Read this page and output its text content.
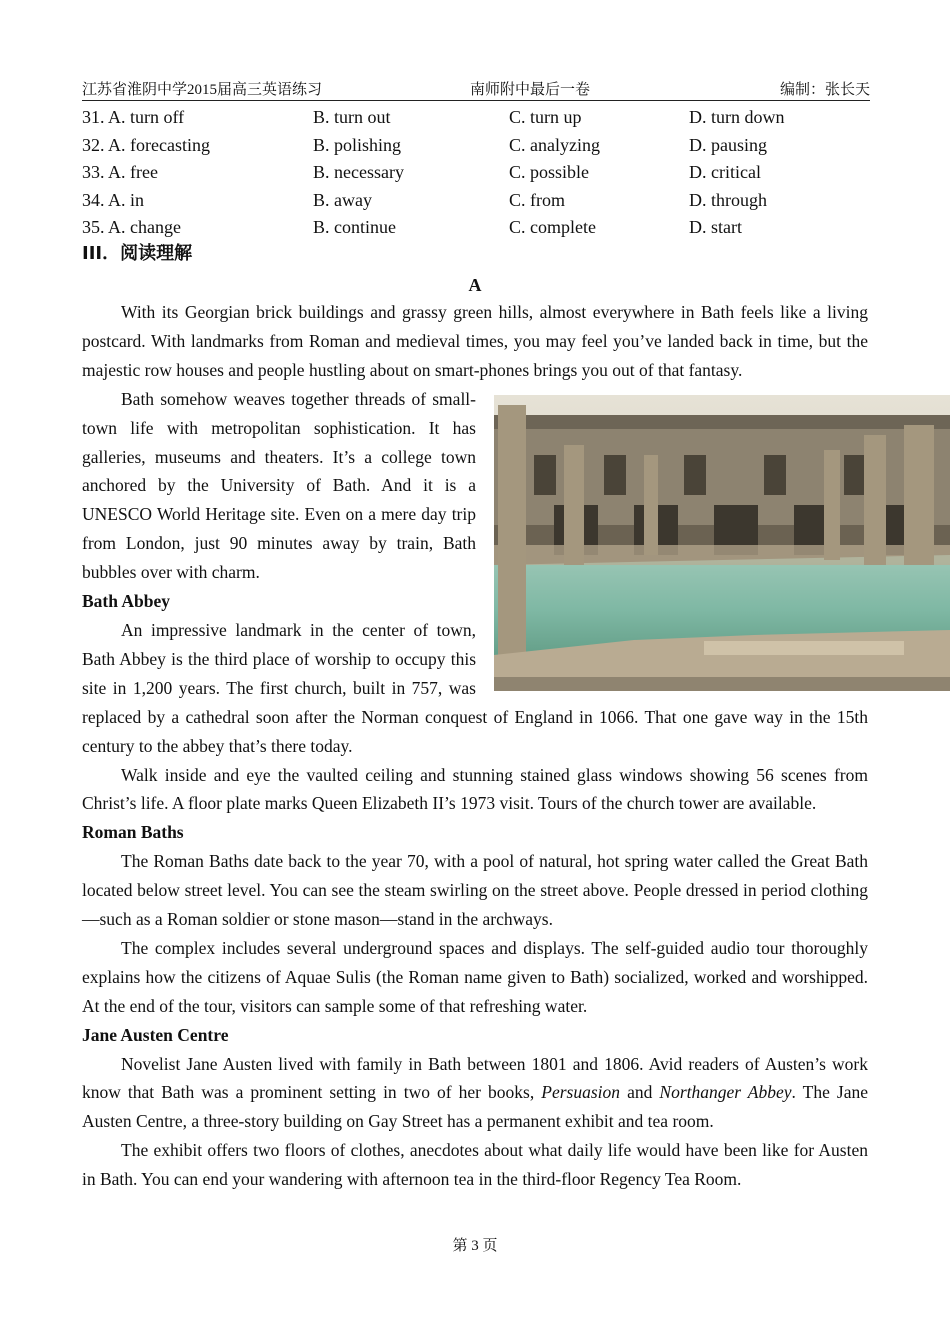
江苏省淮阴中学2015届高三英语练习	南师附中最后一卷	编制：张长天
31. A. turn off	B. turn out	C. turn up	D. turn down
32. A. forecasting	B. polishing	C. analyzing	D. pausing
33. A. free	B. necessary	C. possible	D. critical
34. A. in	B. away	C. from	D. through
35. A. change	B. continue	C. complete	D. start
III．阅读理解
A

With its Georgian brick buildings and grassy green hills, almost everywhere in Bath feels like a living postcard. With landmarks from Roman and medieval times, you may feel you’ve landed back in time, but the majestic row houses and people hustling about on smart-phones brings you out of that fantasy.

Bath somehow weaves together threads of small-town life with metropolitan sophistication. It has galleries, museums and theaters. It’s a college town anchored by the University of Bath. And it is a UNESCO World Heritage site. Even on a mere day trip from London, just 90 minutes away by train, Bath bubbles over with charm.

Bath Abbey

An impressive landmark in the center of town, Bath Abbey is the third place of worship to occupy this site in 1,200 years. The first church, built in 757, was replaced by a cathedral soon after the Norman conquest of England in 1066. That one gave way in the 15th century to the abbey that’s there today.

Walk inside and eye the vaulted ceiling and stunning stained glass windows showing 56 scenes from Christ’s life. A floor plate marks Queen Elizabeth II’s 1973 visit. Tours of the church tower are available.

Roman Baths

The Roman Baths date back to the year 70, with a pool of natural, hot spring water called the Great Bath located below street level. You can see the steam swirling on the street above. People dressed in period clothing—such as a Roman soldier or stone mason—stand in the archways.

The complex includes several underground spaces and displays. The self-guided audio tour thoroughly explains how the citizens of Aquae Sulis (the Roman name given to Bath) socialized, worked and worshipped. At the end of the tour, visitors can sample some of that refreshing water.

Jane Austen Centre

Novelist Jane Austen lived with family in Bath between 1801 and 1806. Avid readers of Austen’s work know that Bath was a prominent setting in two of her books, Persuasion and Northanger Abbey. The Jane Austen Centre, a three-story building on Gay Street has a permanent exhibit and tea room.

The exhibit offers two floors of clothes, anecdotes about what daily life would have been like for Austen in Bath. You can end your wandering with afternoon tea in the third-floor Regency Tea Room.

第 3 页
